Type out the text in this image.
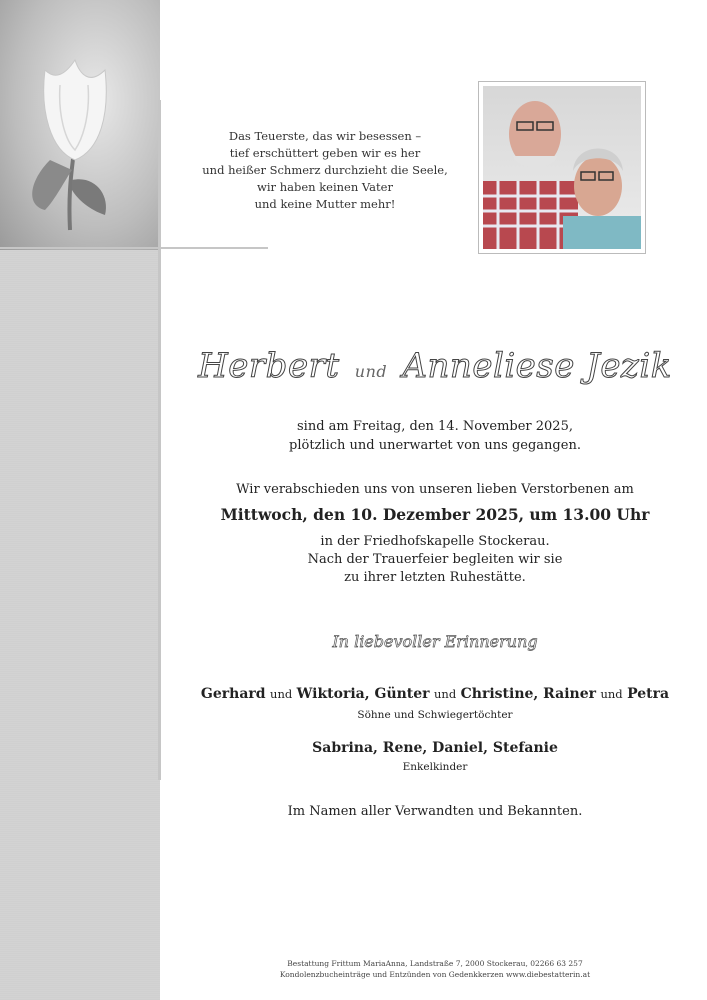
Das Teuerste, das wir besessen –
tief erschüttert geben wir es her
und heißer Schmerz durchzieht die Seele,
wir haben keinen Vater
und keine Mutter mehr!
Herbert und Anneliese Jezik
sind am Freitag, den 14. November 2025,
plötzlich und unerwartet von uns gegangen.
Wir verabschieden uns von unseren lieben Verstorbenen am
Mittwoch, den 10. Dezember 2025, um 13.00 Uhr
in der Friedhofskapelle Stockerau.
Nach der Trauerfeier begleiten wir sie
zu ihrer letzten Ruhestätte.
In liebevoller Erinnerung
Gerhard und Wiktoria, Günter und Christine, Rainer und Petra
Söhne und Schwiegertöchter
Sabrina, Rene, Daniel, Stefanie
Enkelkinder
Im Namen aller Verwandten und Bekannten.
Bestattung Frittum MariaAnna, Landstraße 7, 2000 Stockerau, 02266 63 257
Kondolenzbucheinträge und Entzünden von Gedenkkerzen www.diebestatterin.at
